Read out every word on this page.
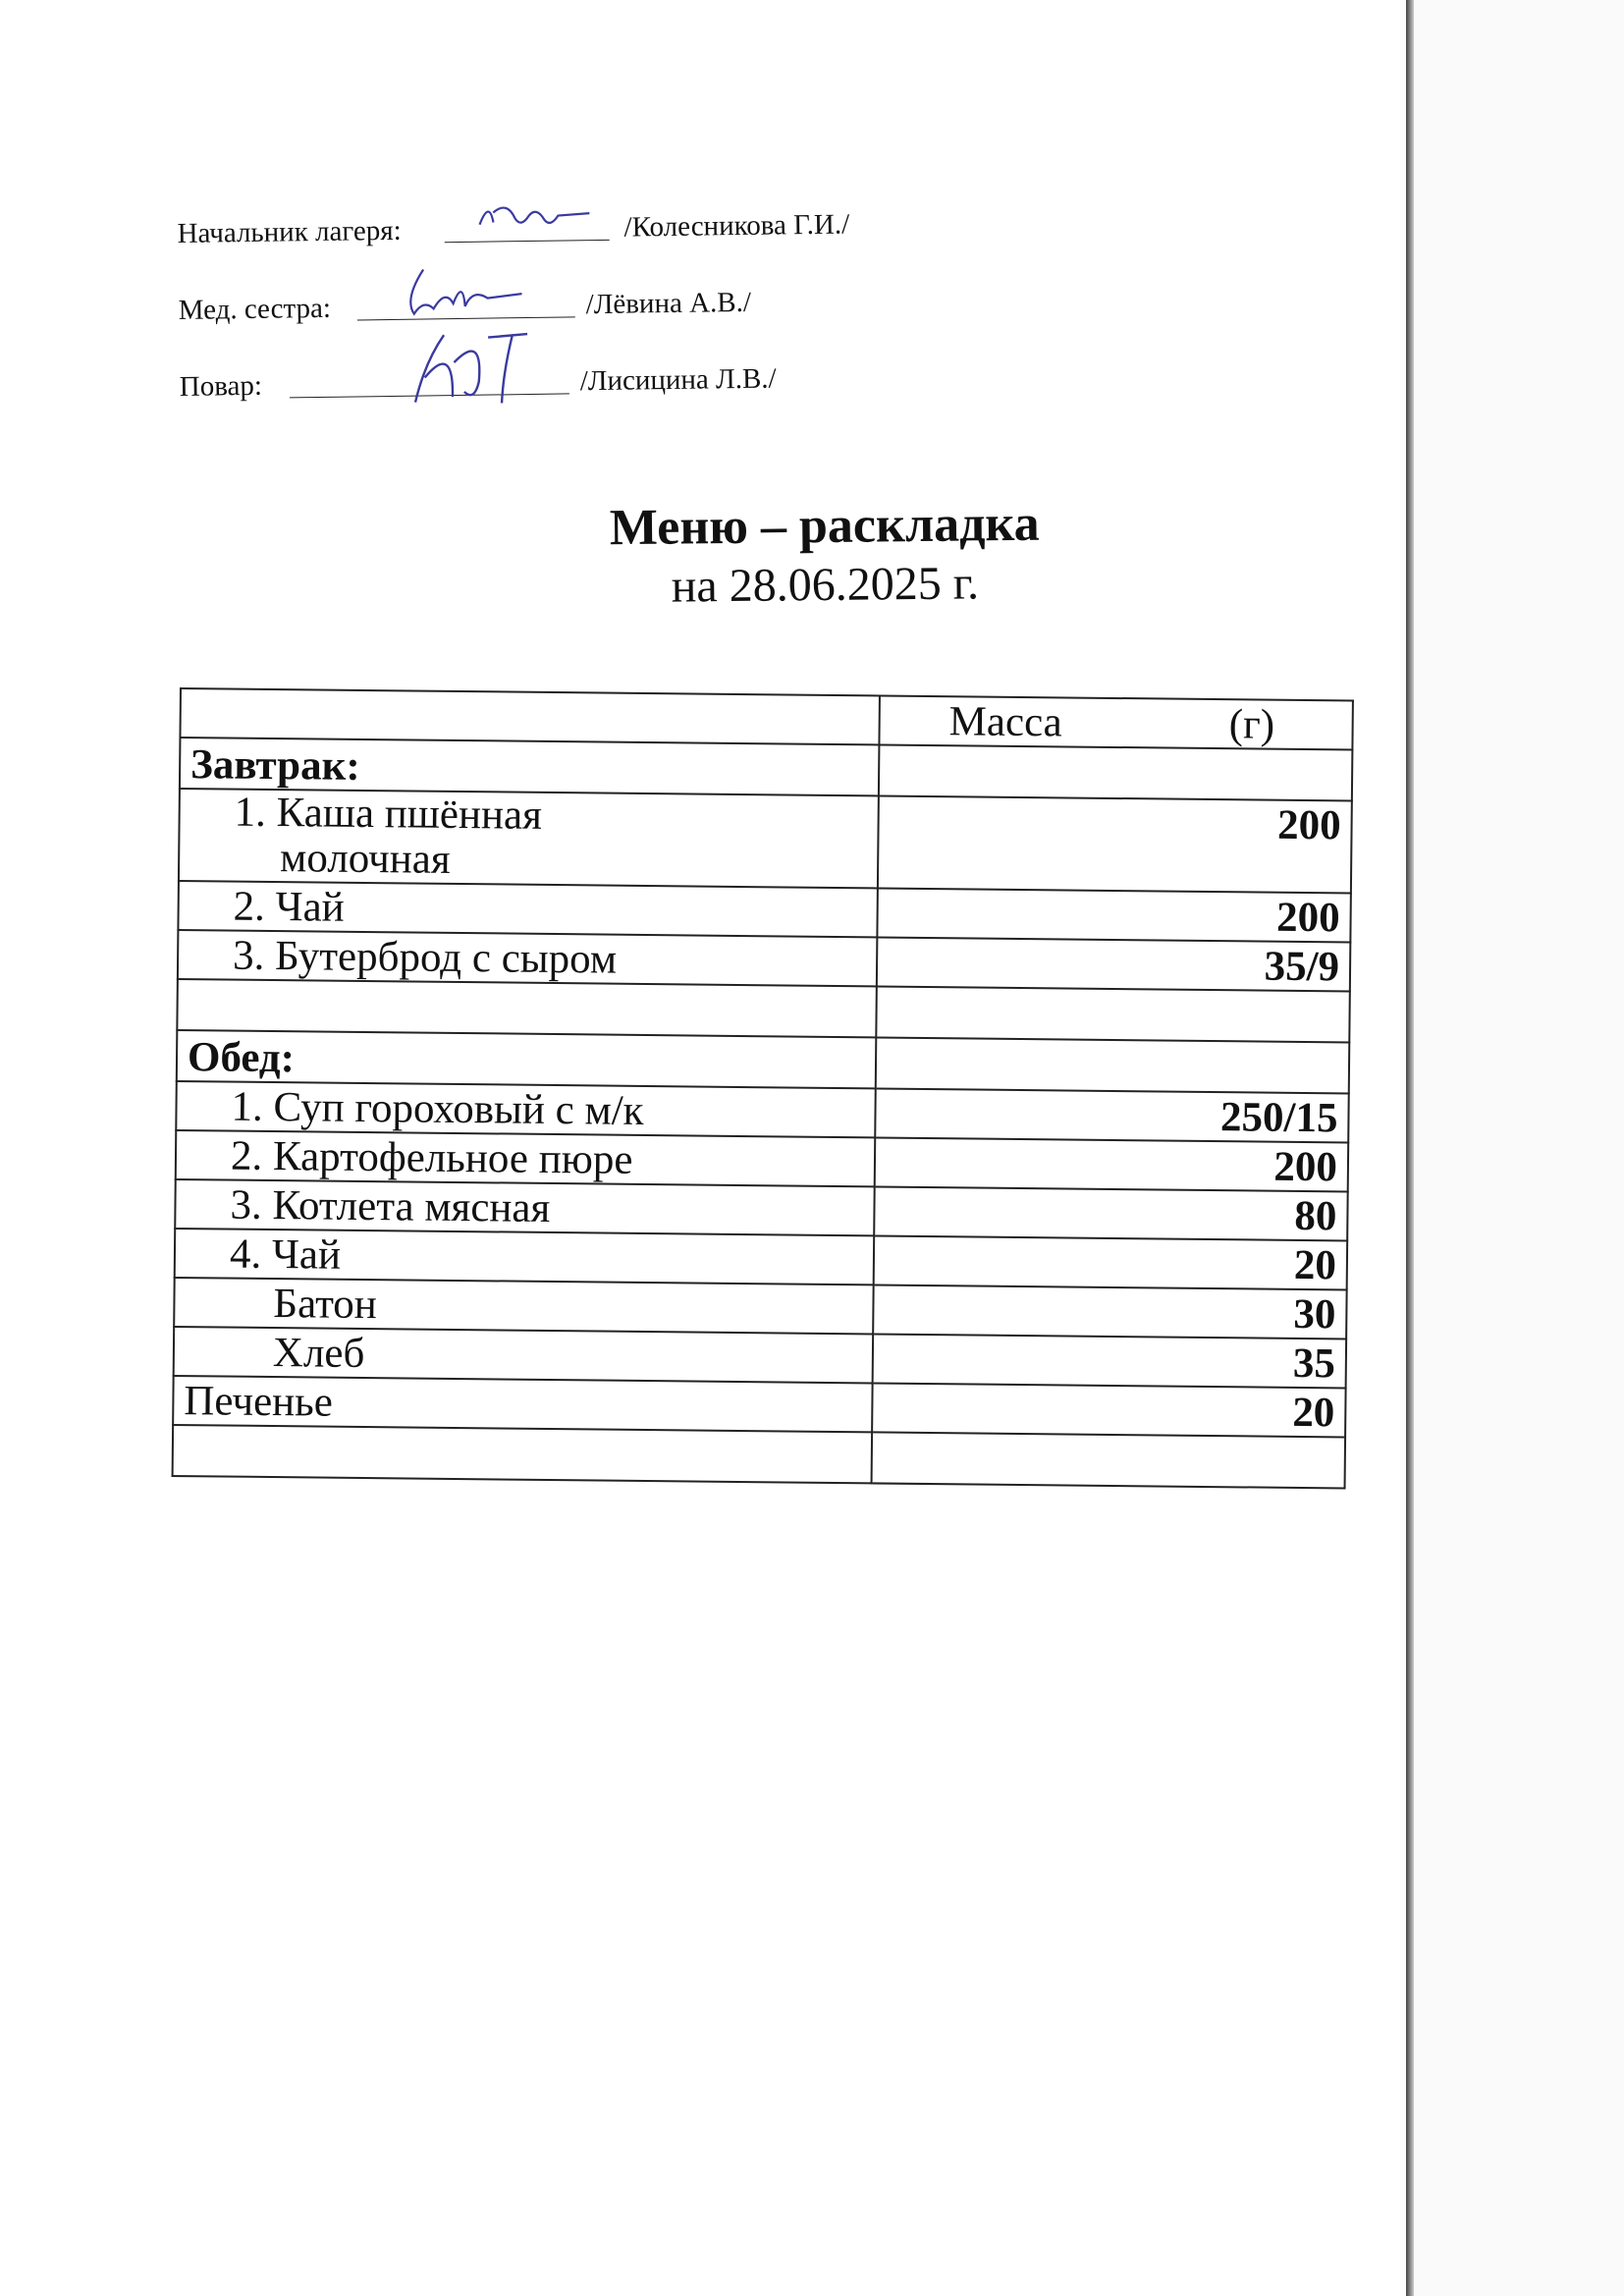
Начальник лагеря:	/Колесникова Г.И./
Мед. сестра:	/Лёвина А.В./
Повар:	/Лисицина Л.В./
Меню – раскладка
на 28.06.2025 г.
	Масса (г)
Завтрак:	
1. Каша пшённая молочная	200
2. Чай	200
3. Бутерброд с сыром	35/9

Обед:	
1. Суп гороховый с м/к	250/15
2. Картофельное пюре	200
3. Котлета мясная	80
4. Чай	20
Батон	30
Хлеб	35
Печенье	20
